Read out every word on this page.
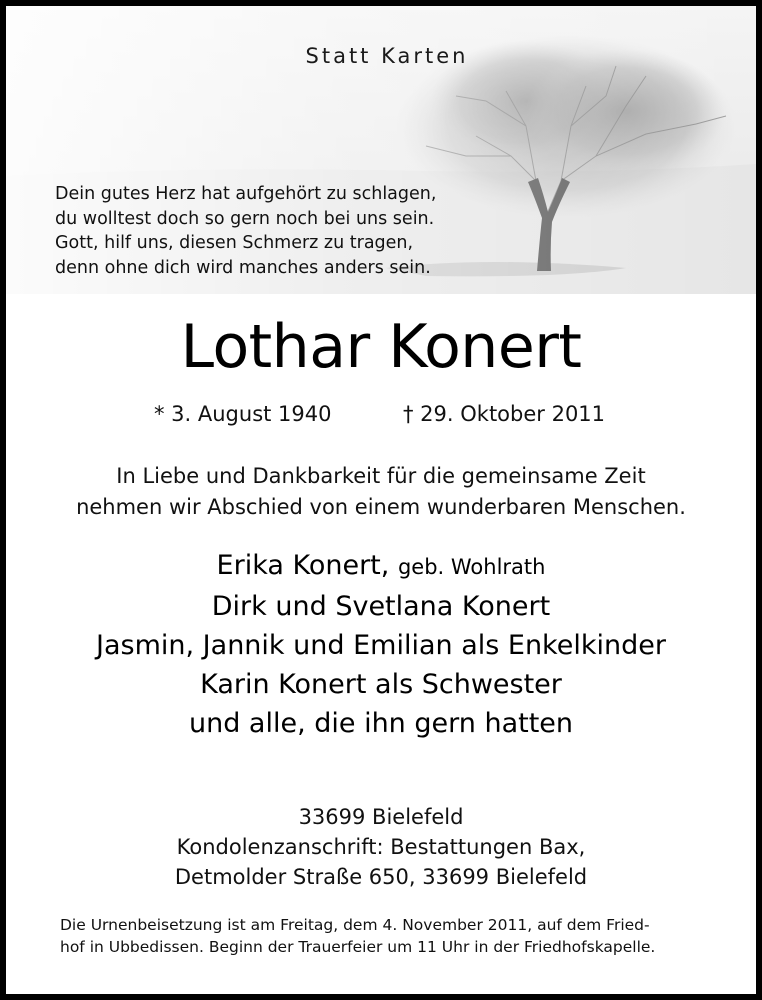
Statt Karten
Dein gutes Herz hat aufgehört zu schlagen,
du wolltest doch so gern noch bei uns sein.
Gott, hilf uns, diesen Schmerz zu tragen,
denn ohne dich wird manches anders sein.
Lothar Konert
* 3. August 1940	† 29. Oktober 2011
In Liebe und Dankbarkeit für die gemeinsame Zeit
nehmen wir Abschied von einem wunderbaren Menschen.
Erika Konert, geb. Wohlrath
Dirk und Svetlana Konert
Jasmin, Jannik und Emilian als Enkelkinder
Karin Konert als Schwester
und alle, die ihn gern hatten
33699 Bielefeld
Kondolenzanschrift: Bestattungen Bax,
Detmolder Straße 650, 33699 Bielefeld
Die Urnenbeisetzung ist am Freitag, dem 4. November 2011, auf dem Fried-
hof in Ubbedissen. Beginn der Trauerfeier um 11 Uhr in der Friedhofskapelle.
